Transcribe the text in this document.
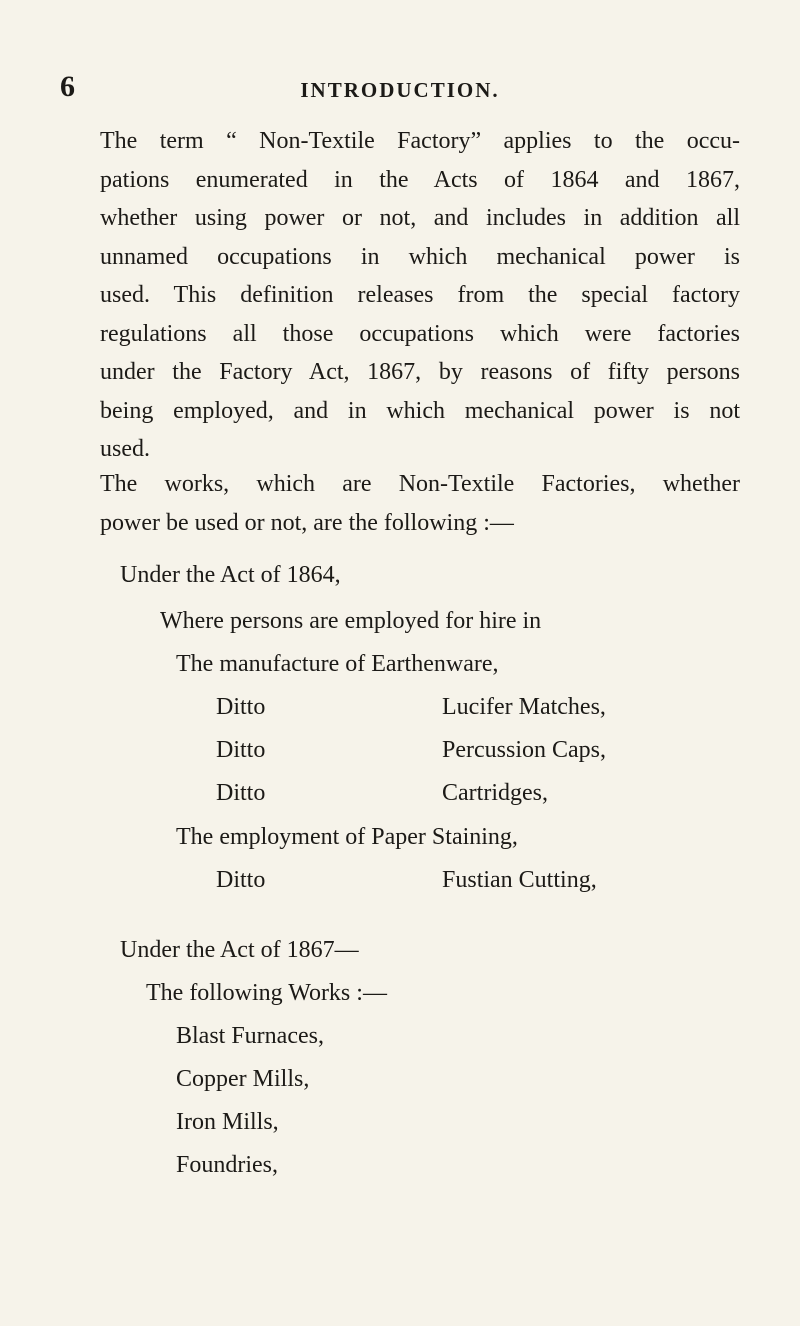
6	INTRODUCTION.

The term “ Non-Textile Factory” applies to the occu-
pations enumerated in the Acts of 1864 and 1867,
whether using power or not, and includes in addition all
unnamed occupations in which mechanical power is
used. This definition releases from the special factory
regulations all those occupations which were factories
under the Factory Act, 1867, by reasons of fifty persons
being employed, and in which mechanical power is not
used.

The works, which are Non-Textile Factories, whether
power be used or not, are the following :—

Under the Act of 1864,
Where persons are employed for hire in
The manufacture of Earthenware,
Ditto	Lucifer Matches,
Ditto	Percussion Caps,
Ditto	Cartridges,
The employment of Paper Staining,
Ditto	Fustian Cutting,
Under the Act of 1867—
The following Works :—
Blast Furnaces,
Copper Mills,
Iron Mills,
Foundries,
